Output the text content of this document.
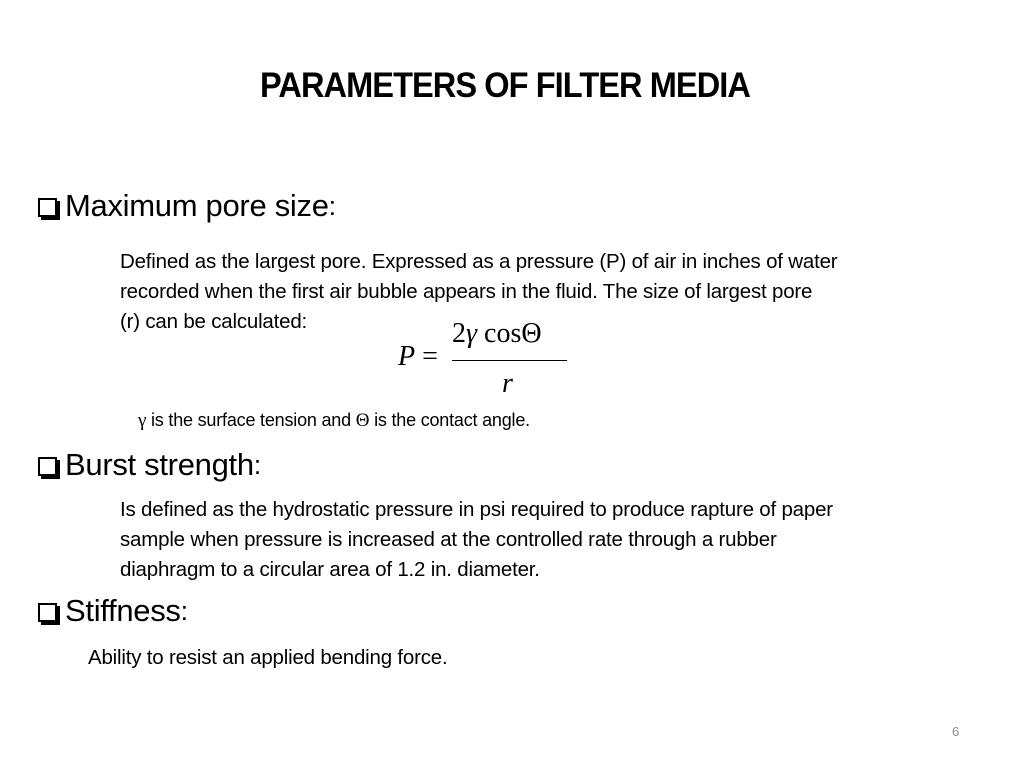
PARAMETERS OF FILTER MEDIA
Maximum pore size :

Defined as the largest pore. Expressed as a pressure (P) of air in inches of water
recorded when the first air bubble appears in the fluid. The size of largest pore
(r) can be calculated:

P =
2γ cosΘ
r
γ is the surface tension and Θ is the contact angle.
Burst strength :

Is defined as the hydrostatic pressure in psi required to produce rapture of paper
sample when pressure is increased at the controlled rate through a rubber
diaphragm to a circular area of 1.2 in. diameter.

Stiffness :

Ability to resist an applied bending force.

6
